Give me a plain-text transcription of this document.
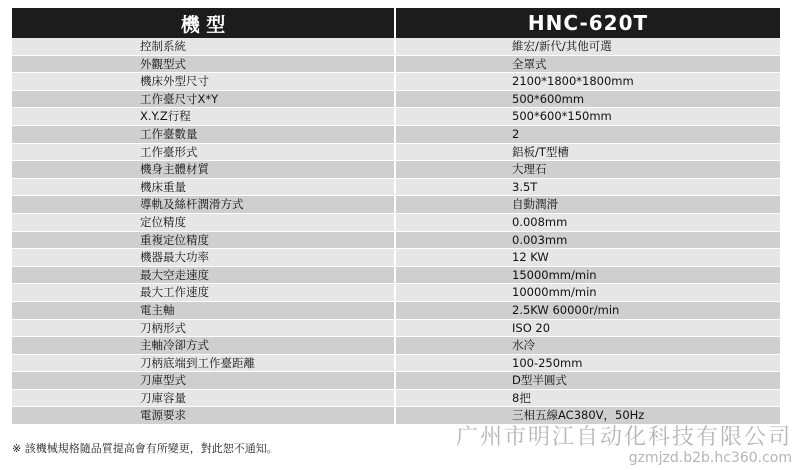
機 型	HNC-620T
控制系統	維宏/新代/其他可選
外觀型式	全罩式
機床外型尺寸	2100*1800*1800mm
工作臺尺寸X*Y	500*600mm
X.Y.Z行程	500*600*150mm
工作臺數量	2
工作臺形式	鋁板/T型槽
機身主體材質	大理石
機床重量	3.5T
導軌及絲杆潤滑方式	自動潤滑
定位精度	0.008mm
重複定位精度	0.003mm
機器最大功率	12 KW
最大空走速度	15000mm/min
最大工作速度	10000mm/min
電主軸	2.5KW 60000r/min
刀柄形式	ISO 20
主軸冷卻方式	水冷
刀柄底端到工作臺距離	100-250mm
刀庫型式	D型半圓式
刀庫容量	8把
電源要求	三相五線AC380V，50Hz
※ 該機械規格隨品質提高會有所變更，對此恕不通知。	广州市明江自动化科技有限公司
gzmjzd.b2b.hc360.com
